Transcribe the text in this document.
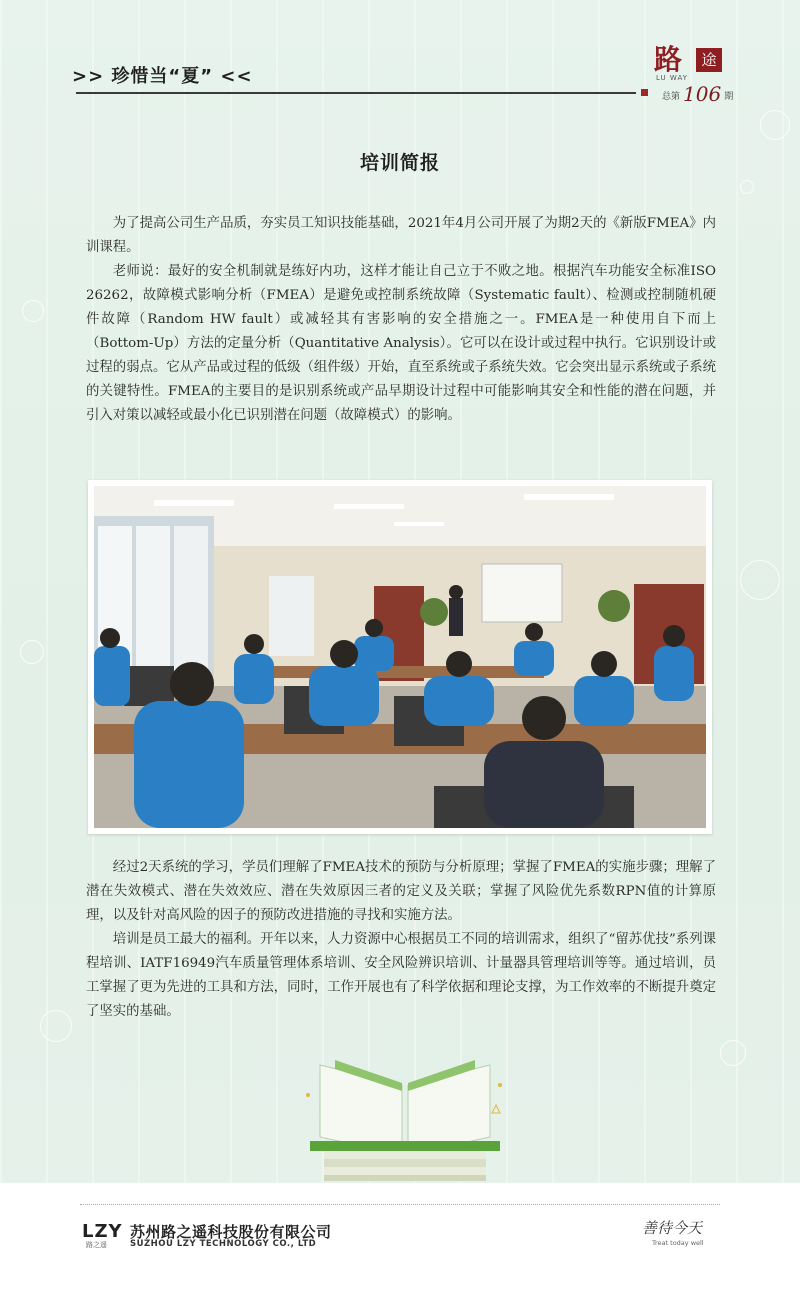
>> 珍惜当“夏” <<
路	途
LU WAY
总第 106 期
培训简报

为了提高公司生产品质，夯实员工知识技能基础，2021年4月公司开展了为期2天的《新版FMEA》内训课程。

老师说：最好的安全机制就是练好内功，这样才能让自己立于不败之地。根据汽车功能安全标准ISO 26262，故障模式影响分析（FMEA）是避免或控制系统故障（Systematic fault）、检测或控制随机硬件故障（Random HW fault）或减轻其有害影响的安全措施之一。FMEA是一种使用自下而上（Bottom-Up）方法的定量分析（Quantitative Analysis）。它可以在设计或过程中执行。它识别设计或过程的弱点。它从产品或过程的低级（组件级）开始，直至系统或子系统失效。它会突出显示系统或子系统的关键特性。FMEA的主要目的是识别系统或产品早期设计过程中可能影响其安全和性能的潜在问题，并引入对策以减轻或最小化已识别潜在问题（故障模式）的影响。

经过2天系统的学习，学员们理解了FMEA技术的预防与分析原理；掌握了FMEA的实施步骤；理解了潜在失效模式、潜在失效效应、潜在失效原因三者的定义及关联；掌握了风险优先系数RPN值的计算原理，以及针对高风险的因子的预防改进措施的寻找和实施方法。

培训是员工最大的福利。开年以来，人力资源中心根据员工不同的培训需求，组织了“留苏优技”系列课程培训、IATF16949汽车质量管理体系培训、安全风险辨识培训、计量器具管理培训等等。通过培训，员工掌握了更为先进的工具和方法，同时，工作开展也有了科学依据和理论支撑，为工作效率的不断提升奠定了坚实的基础。

LZY
路之遥
苏州路之遥科技股份有限公司
SUZHOU LZY TECHNOLOGY CO., LTD
善待今天
Treat today well
